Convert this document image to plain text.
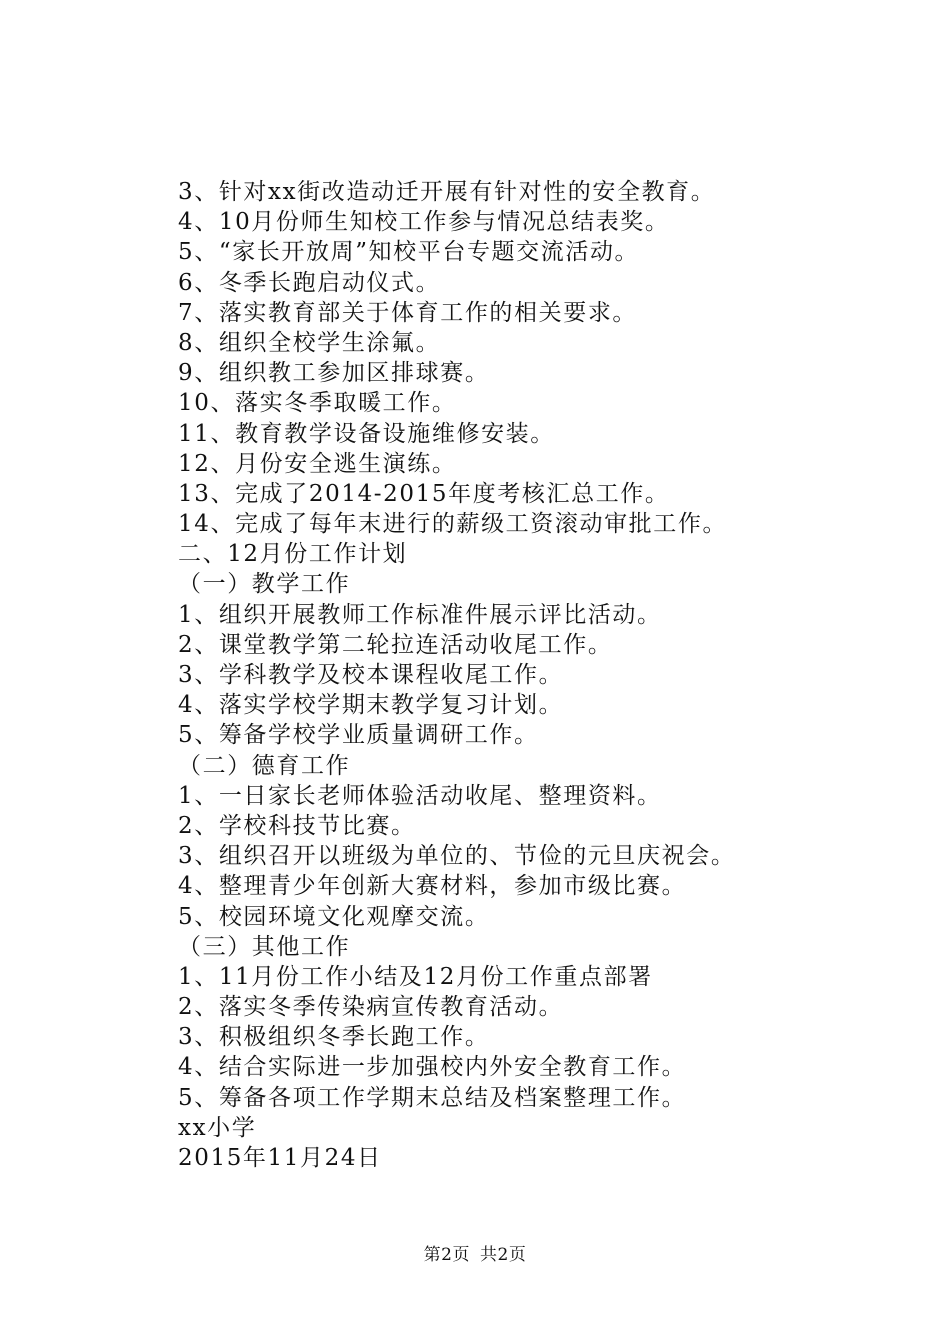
3、针对xx街改造动迁开展有针对性的安全教育。
4、10月份师生知校工作参与情况总结表奖。
5、“家长开放周”知校平台专题交流活动。
6、冬季长跑启动仪式。
7、落实教育部关于体育工作的相关要求。
8、组织全校学生涂氟。
9、组织教工参加区排球赛。
10、落实冬季取暖工作。
11、教育教学设备设施维修安装。
12、月份安全逃生演练。
13、完成了2014-2015年度考核汇总工作。
14、完成了每年末进行的薪级工资滚动审批工作。
二、12月份工作计划
（一）教学工作
1、组织开展教师工作标准件展示评比活动。
2、课堂教学第二轮拉连活动收尾工作。
3、学科教学及校本课程收尾工作。
4、落实学校学期末教学复习计划。
5、筹备学校学业质量调研工作。
（二）德育工作
1、一日家长老师体验活动收尾、整理资料。
2、学校科技节比赛。
3、组织召开以班级为单位的、节俭的元旦庆祝会。
4、整理青少年创新大赛材料，参加市级比赛。
5、校园环境文化观摩交流。
（三）其他工作
1、11月份工作小结及12月份工作重点部署
2、落实冬季传染病宣传教育活动。
3、积极组织冬季长跑工作。
4、结合实际进一步加强校内外安全教育工作。
5、筹备各项工作学期末总结及档案整理工作。
xx小学
2015年11月24日
第2页 共2页
